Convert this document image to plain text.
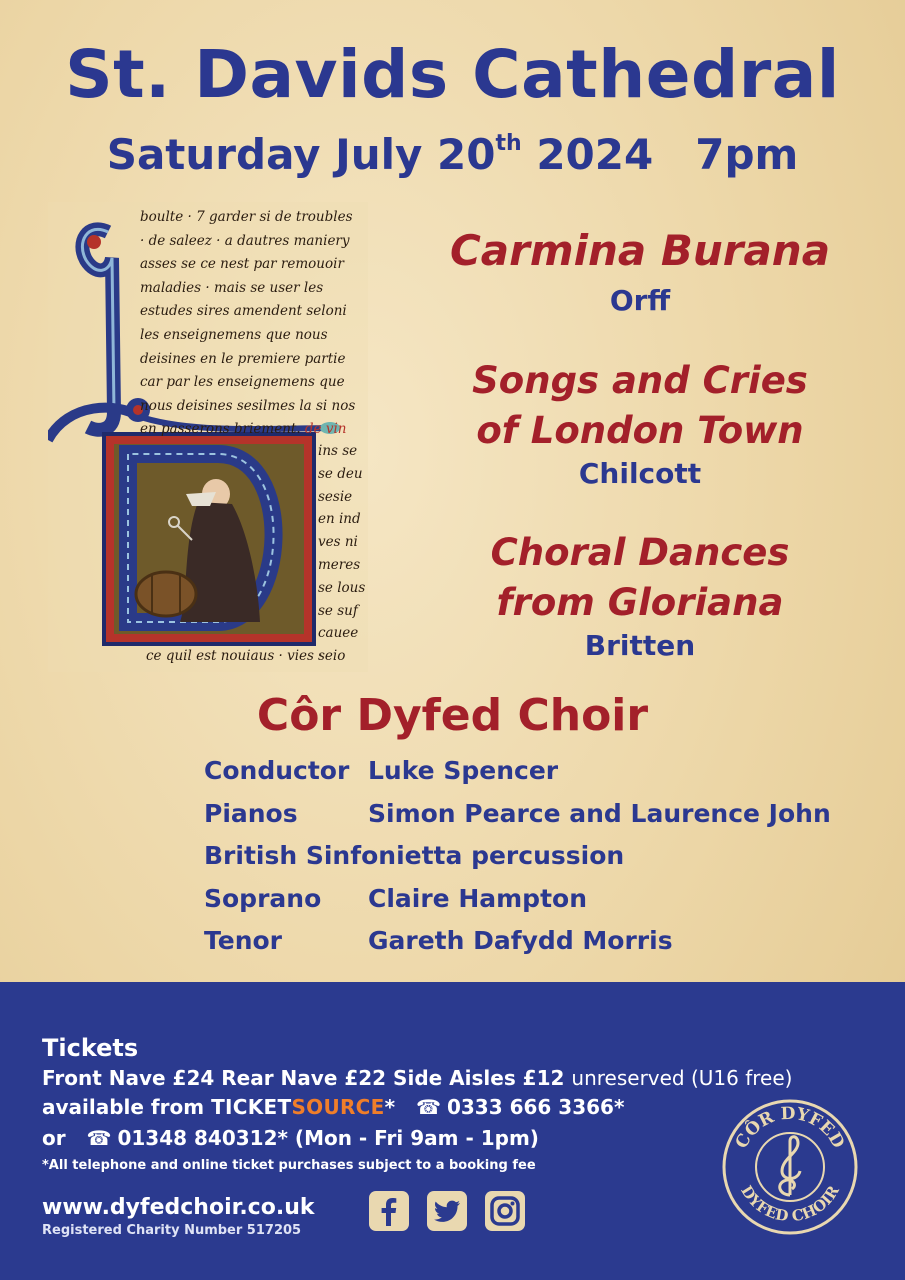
St. Davids Cathedral
Saturday July 20th 2024 7pm
boulte · 7 garder si de troubles
· de saleez · a dautres maniery
asses se ce nest par remouoir
maladies · mais se user les
estudes sires amendent seloni
les enseignemens que nous
deisines en le premiere partie
car par les enseignemens que
nous deisines sesilmes la si nos
en passerons briement. de vin
ins se
se deu
sesie
en ind
ves ni
meres
se lous
se suf
cauee
seio
ce quil est nouiaus · vies ·
Carmina Burana
Orff
Songs and Cries
of London Town
Chilcott
Choral Dances
from Gloriana
Britten
Côr Dyfed Choir
Conductor Luke Spencer
Pianos	Simon Pearce and Laurence John
British Sinfonietta percussion
Soprano Claire Hampton
Tenor	Gareth Dafydd Morris
Tickets
Front Nave £24 Rear Nave £22 Side Aisles £12 unreserved (U16 free)
available from TICKETSOURCE* ☎ 0333 666 3366*
or ☎ 01348 840312* (Mon - Fri 9am - 1pm)
*All telephone and online ticket purchases subject to a booking fee
www.dyfedchoir.co.uk
Registered Charity Number 517205
CÔR DYFED
DYFED CHOIR
